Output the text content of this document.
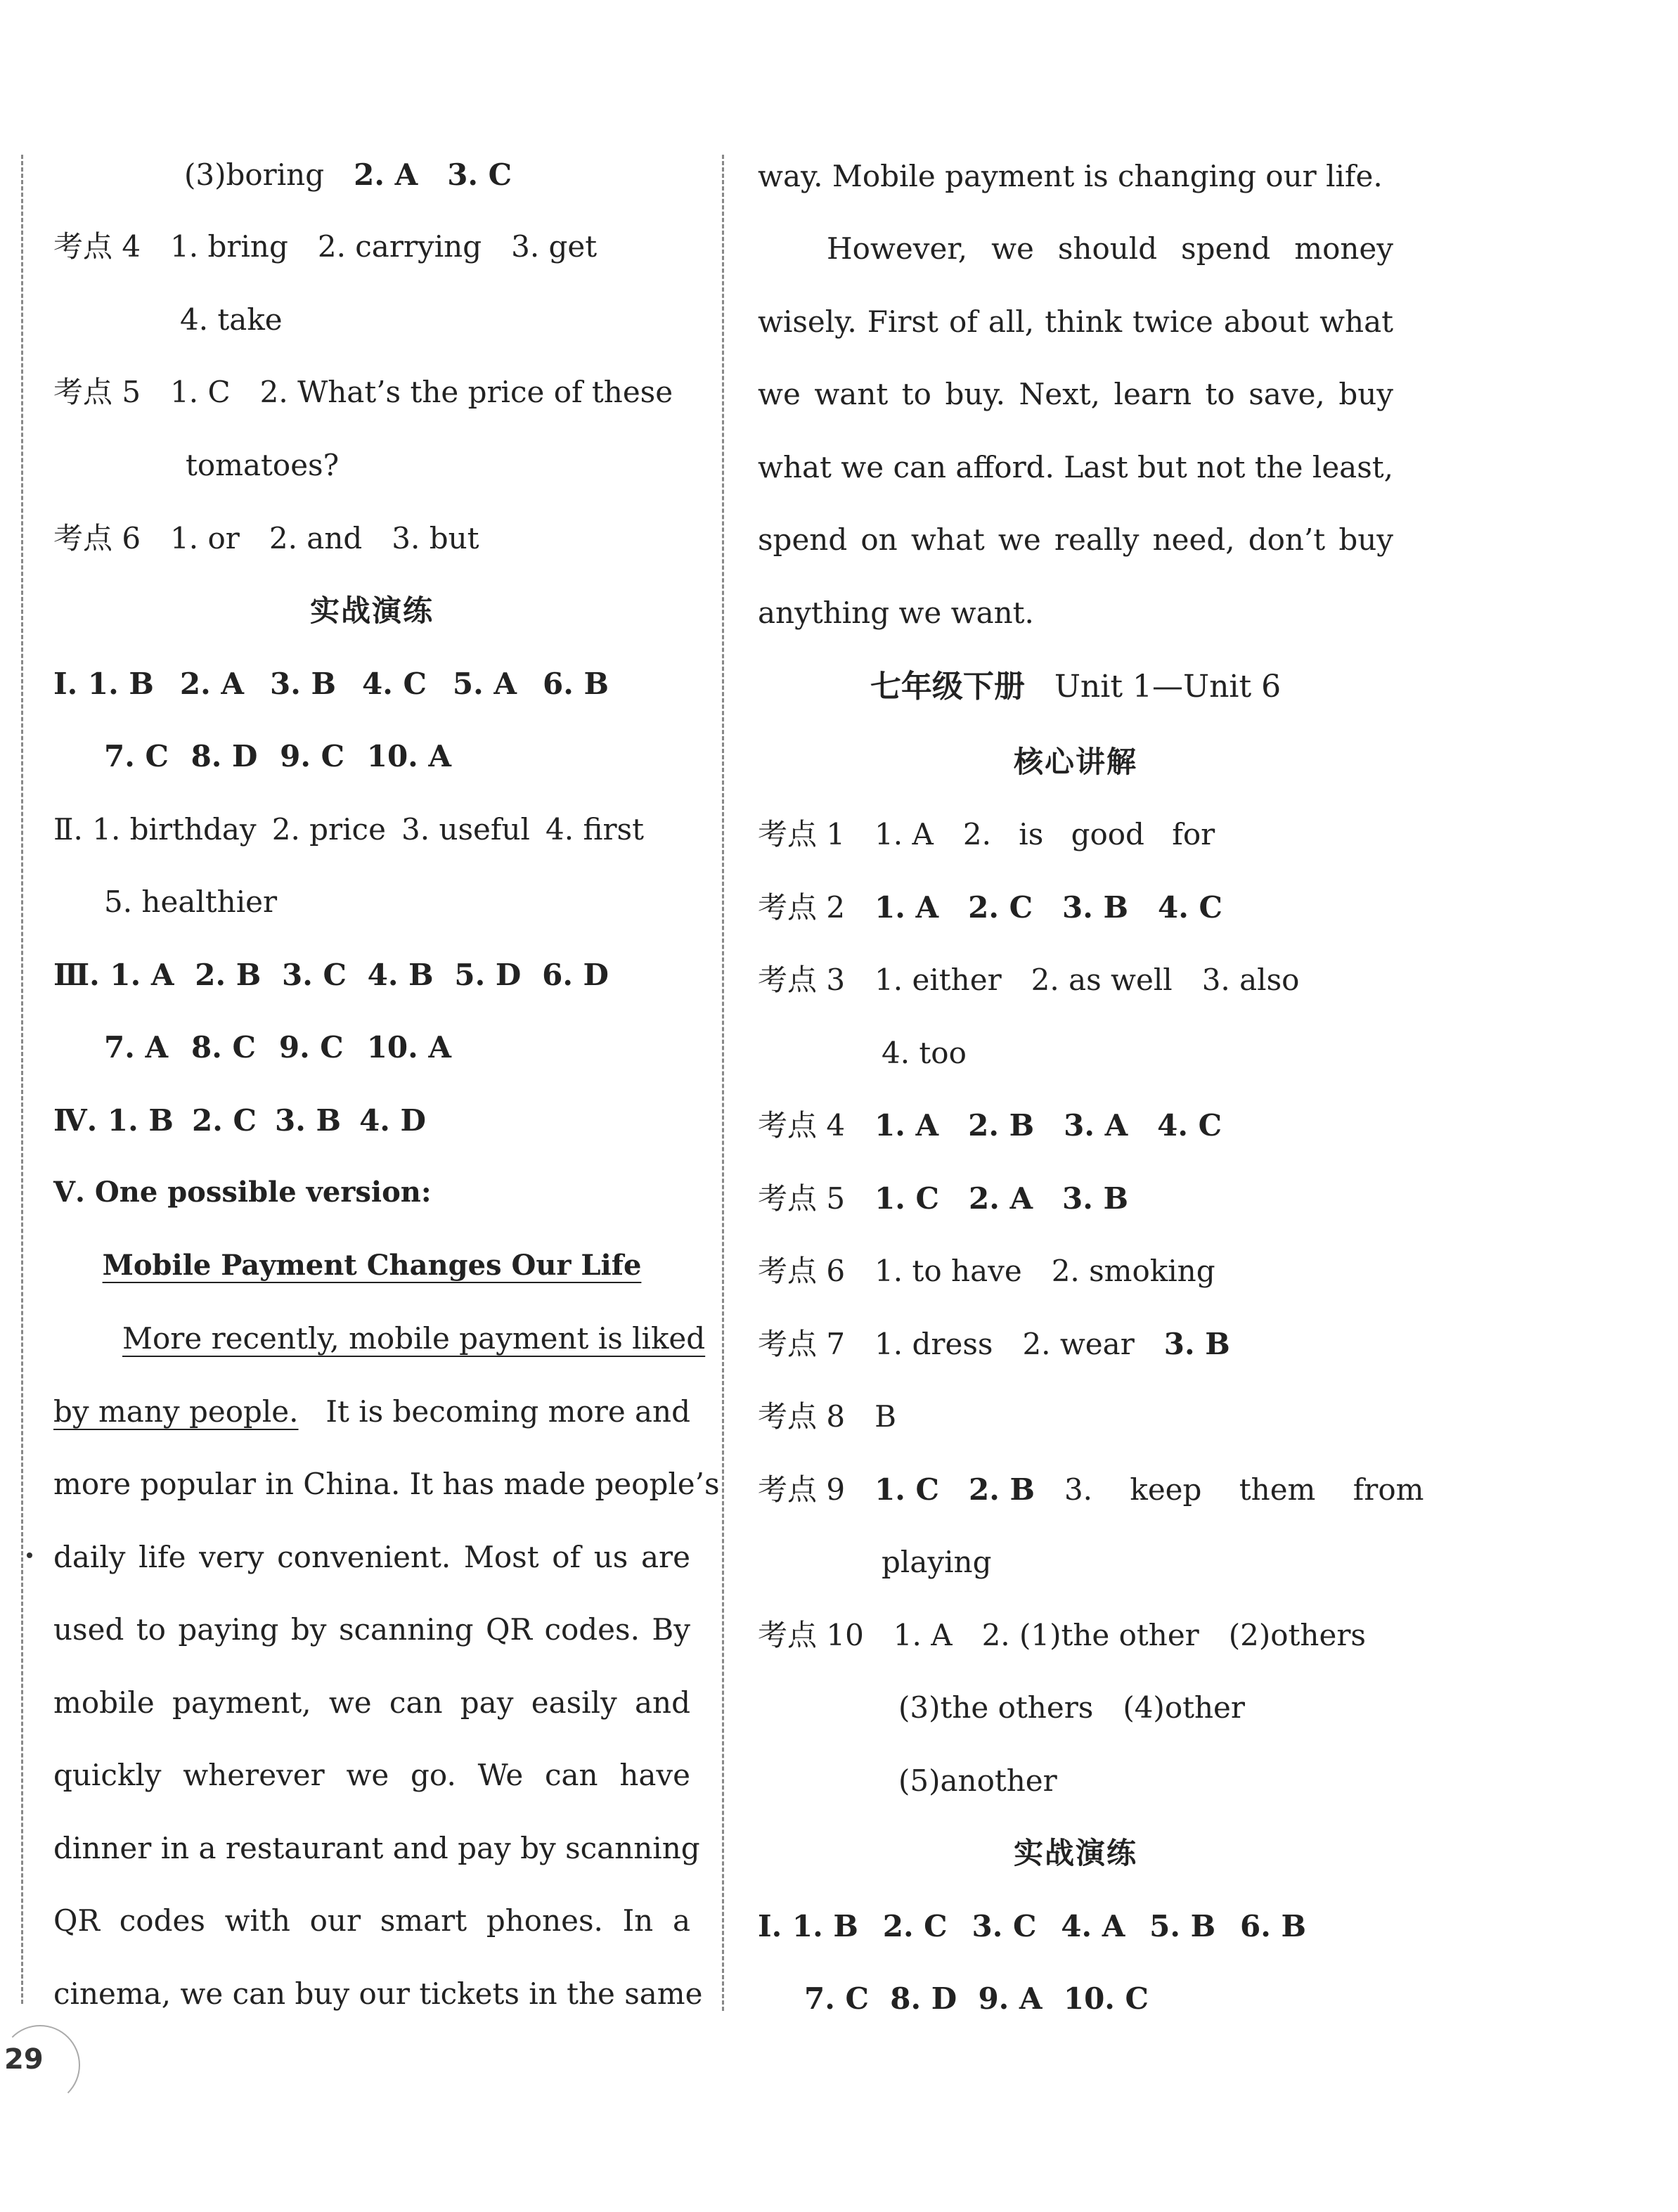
(3)boring 2. A 3. C
考点 4 1. bring 2. carrying 3. get
4. take
考点 5 1. C 2. What’s the price of these
tomatoes?
考点 6 1. or 2. and 3. but
实战演练
Ⅰ. 1. B 2. A 3. B 4. C 5. A 6. B
7. C 8. D 9. C 10. A
Ⅱ. 1. birthday 2. price 3. useful 4. first
5. healthier
Ⅲ. 1. A 2. B 3. C 4. B 5. D 6. D
7. A 8. C 9. C 10. A
Ⅳ. 1. B 2. C 3. B 4. D
Ⅴ. One possible version:
Mobile Payment Changes Our Life
More recently, mobile payment is liked
by many people. It is becoming more and
more popular in China. It has made people’s
daily life very convenient. Most of us are
used to paying by scanning QR codes. By
mobile payment, we can pay easily and
quickly wherever we go. We can have
dinner in a restaurant and pay by scanning
QR codes with our smart phones. In a
cinema, we can buy our tickets in the same
way. Mobile payment is changing our life.
However, we should spend money
wisely. First of all, think twice about what
we want to buy. Next, learn to save, buy
what we can afford. Last but not the least,
spend on what we really need, don’t buy
anything we want.
七年级下册 Unit 1—Unit 6
核心讲解
考点 1 1. A 2. is good for
考点 2 1. A 2. C 3. B 4. C
考点 3 1. either 2. as well 3. also
4. too
考点 4 1. A 2. B 3. A 4. C
考点 5 1. C 2. A 3. B
考点 6 1. to have 2. smoking
考点 7 1. dress 2. wear 3. B
考点 8 B
考点 9 1. C 2. B 3. keep them from
playing
考点 10 1. A 2. (1)the other (2)others
(3)the others (4)other
(5)another
实战演练
Ⅰ. 1. B 2. C 3. C 4. A 5. B 6. B
7. C 8. D 9. A 10. C
29
